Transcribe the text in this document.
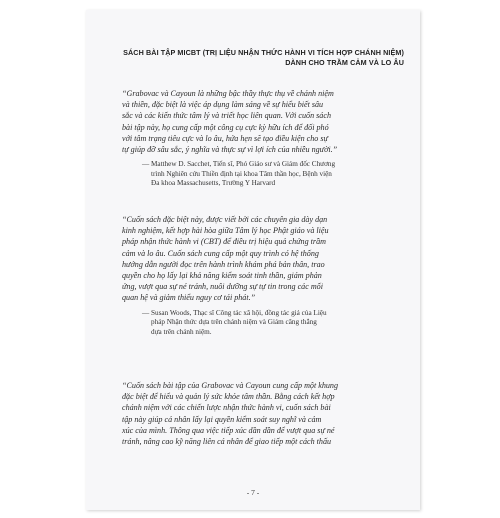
SÁCH BÀI TẬP MICBT (TRỊ LIỆU NHẬN THỨC HÀNH VI TÍCH HỢP CHÁNH NIỆM)
DÀNH CHO TRẦM CẢM VÀ LO ÂU

“Grabovac và Cayoun là những bậc thầy thực thụ về chánh niệm
và thiền, đặc biệt là việc áp dụng làm sáng về sự hiểu biết sâu
sắc và các kiến thức tâm lý và triết học liên quan. Với cuốn sách
bài tập này, họ cung cấp một công cụ cực kỳ hữu ích để đối phó
với tâm trạng tiêu cực và lo âu, hứa hẹn sẽ tạo điều kiện cho sự
tự giúp đỡ sâu sắc, ý nghĩa và thực sự vì lợi ích của nhiều người.”

— Matthew D. Sacchet, Tiến sĩ, Phó Giáo sư và Giám đốc Chương
trình Nghiên cứu Thiền định tại khoa Tâm thần học, Bệnh viện
Đa khoa Massachusetts, Trường Y Harvard

“Cuốn sách đặc biệt này, được viết bởi các chuyên gia dày dạn
kinh nghiệm, kết hợp hài hòa giữa Tâm lý học Phật giáo và liệu
pháp nhận thức hành vi (CBT) để điều trị hiệu quả chứng trầm
cảm và lo âu. Cuốn sách cung cấp một quy trình có hệ thống
hướng dẫn người đọc trên hành trình khám phá bản thân, trao
quyền cho họ lấy lại khả năng kiểm soát tinh thần, giám phản
ứng, vượt qua sự né tránh, nuôi dưỡng sự tự tin trong các mối
quan hệ và giảm thiểu nguy cơ tái phát.”

— Susan Woods, Thạc sĩ Công tác xã hội, đồng tác giả của Liệu
pháp Nhận thức dựa trên chánh niệm và Giảm căng thẳng
dựa trên chánh niệm.

“Cuốn sách bài tập của Grabovac và Cayoun cung cấp một khung
đặc biệt để hiểu và quản lý sức khỏe tâm thần. Bằng cách kết hợp
chánh niệm với các chiến lược nhận thức hành vi, cuốn sách bài
tập này giúp cá nhân lấy lại quyền kiểm soát suy nghĩ và cảm
xúc của mình. Thông qua việc tiếp xúc dần dần để vượt qua sự né
tránh, nâng cao kỹ năng liên cá nhân để giao tiếp một cách thấu

- 7 -
